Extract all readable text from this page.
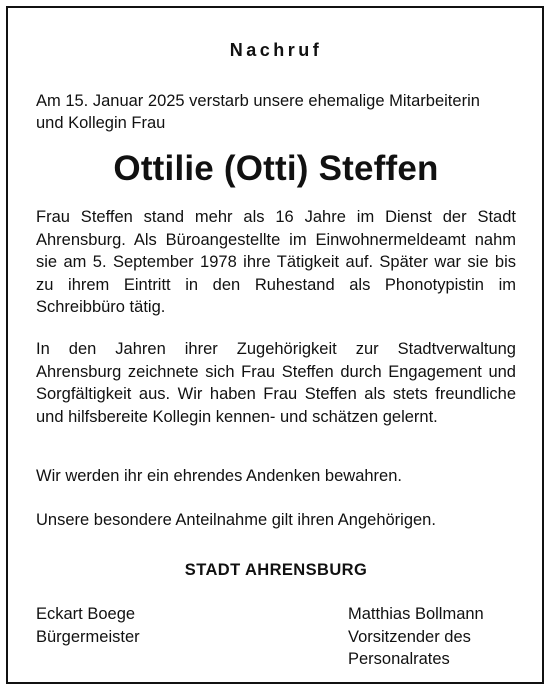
Nachruf
Am 15. Januar 2025 verstarb unsere ehemalige Mitarbeiterin
und Kollegin Frau
Ottilie (Otti) Steffen

Frau Steffen stand mehr als 16 Jahre im Dienst der Stadt Ahrensburg. Als Büroangestellte im Einwohnermeldeamt nahm sie am 5. September 1978 ihre Tätigkeit auf. Später war sie bis zu ihrem Eintritt in den Ruhestand als Phonotypistin im Schreibbüro tätig.

In den Jahren ihrer Zugehörigkeit zur Stadtverwaltung Ahrensburg zeichnete sich Frau Steffen durch Engagement und Sorgfältigkeit aus. Wir haben Frau Steffen als stets freundliche und hilfsbereite Kollegin kennen- und schätzen gelernt.

Wir werden ihr ein ehrendes Andenken bewahren.

Unsere besondere Anteilnahme gilt ihren Angehörigen.

STADT AHRENSBURG
Eckart Boege
Bürgermeister
Matthias Bollmann
Vorsitzender des
Personalrates
